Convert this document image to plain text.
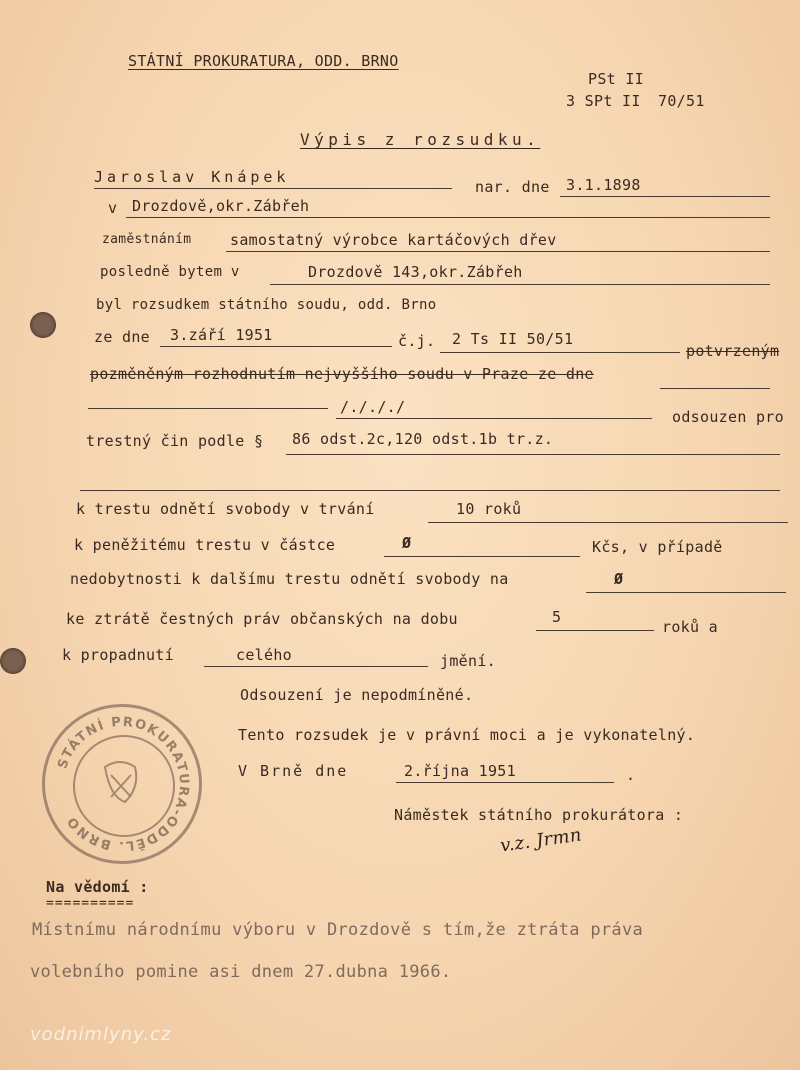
STÁTNÍ PROKURATURA, ODD. BRNO
PSt II
3 SPt II 70/51
Výpis z rozsudku.
Jaroslav Knápek
nar. dne 3.1.1898
v Drozdově,okr.Zábřeh
zaměstnáním	samostatný výrobce kartáčových dřev
posledně bytem v	Drozdově 143,okr.Zábřeh
byl rozsudkem státního soudu, odd. Brno
ze dne 3.září 1951	č.j. 2 Ts II 50/51
potvrzeným
pozměněným rozhodnutím nejvyššího soudu v Praze ze dne
/./././
odsouzen pro
trestný čin podle § 86 odst.2c,120 odst.1b tr.z.
k trestu odnětí svobody v trvání	10 roků
k peněžitému trestu v částce	Ø	Kčs, v případě
nedobytnosti k dalšímu trestu odnětí svobody na	Ø
ke ztrátě čestných práv občanských na dobu	5
roků a
k propadnutí	celého	jmění.
Odsouzení je nepodmíněné.
Tento rozsudek je v právní moci a je vykonatelný.
V Brně dne	2.října 1951	.
Náměstek státního prokurátora :
v.z. Jrmn
STÁTNÍ PROKURATURA-ODDĚL. BRNO
Na vědomí :
==========
Místnímu národnímu výboru v Drozdově s tím,že ztráta práva
volebního pomine asi dnem 27.dubna 1966.
vodnimlyny.cz
